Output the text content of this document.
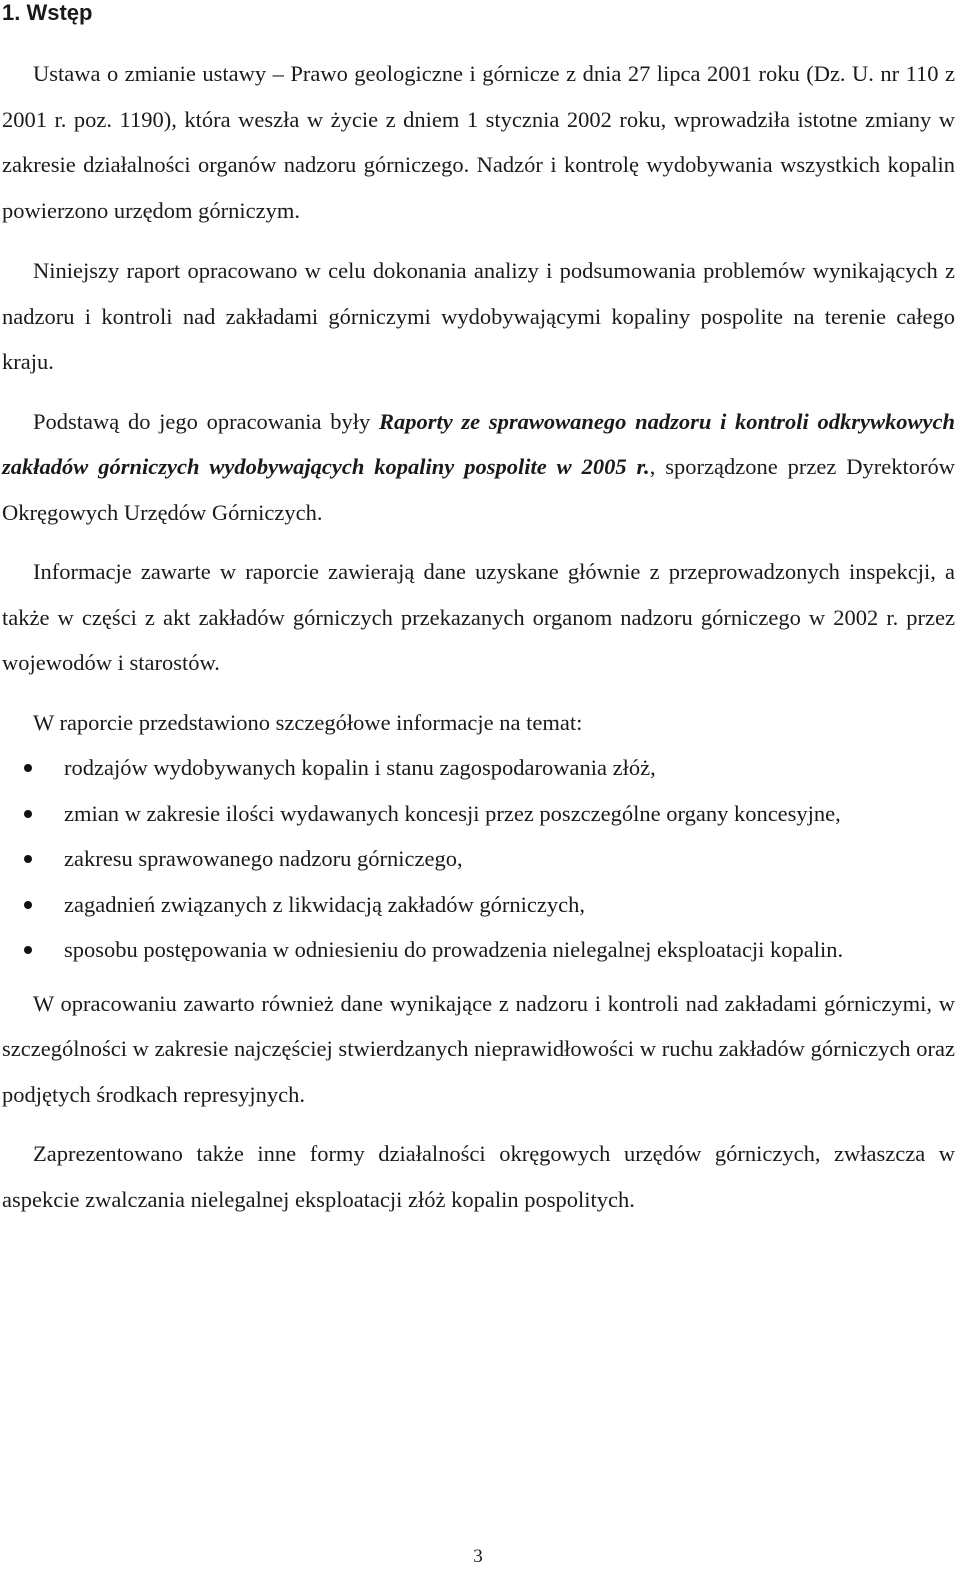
1. Wstęp

Ustawa o zmianie ustawy – Prawo geologiczne i górnicze z dnia 27 lipca 2001 roku (Dz. U. nr 110 z 2001 r. poz. 1190), która weszła w życie z dniem 1 stycznia 2002 roku, wprowadziła istotne zmiany w zakresie działalności organów nadzoru górniczego. Nadzór i kontrolę wydobywania wszystkich kopalin powierzono urzędom górniczym.

Niniejszy raport opracowano w celu dokonania analizy i podsumowania problemów wynikających z nadzoru i kontroli nad zakładami górniczymi wydobywającymi kopaliny pospolite na terenie całego kraju.

Podstawą do jego opracowania były Raporty ze sprawowanego nadzoru i kontroli odkrywkowych zakładów górniczych wydobywających kopaliny pospolite w 2005 r., sporządzone przez Dyrektorów Okręgowych Urzędów Górniczych.

Informacje zawarte w raporcie zawierają dane uzyskane głównie z przeprowadzonych inspekcji, a także w części z akt zakładów górniczych przekazanych organom nadzoru górniczego w 2002 r. przez wojewodów i starostów.

W raporcie przedstawiono szczegółowe informacje na temat:

rodzajów wydobywanych kopalin i stanu zagospodarowania złóż,
zmian w zakresie ilości wydawanych koncesji przez poszczególne organy koncesyjne,
zakresu sprawowanego nadzoru górniczego,
zagadnień związanych z likwidacją zakładów górniczych,
sposobu postępowania w odniesieniu do prowadzenia nielegalnej eksploatacji kopalin.

W opracowaniu zawarto również dane wynikające z nadzoru i kontroli nad zakładami górniczymi, w szczególności w zakresie najczęściej stwierdzanych nieprawidłowości w ruchu zakładów górniczych oraz podjętych środkach represyjnych.

Zaprezentowano także inne formy działalności okręgowych urzędów górniczych, zwłaszcza w aspekcie zwalczania nielegalnej eksploatacji złóż kopalin pospolitych.

3
